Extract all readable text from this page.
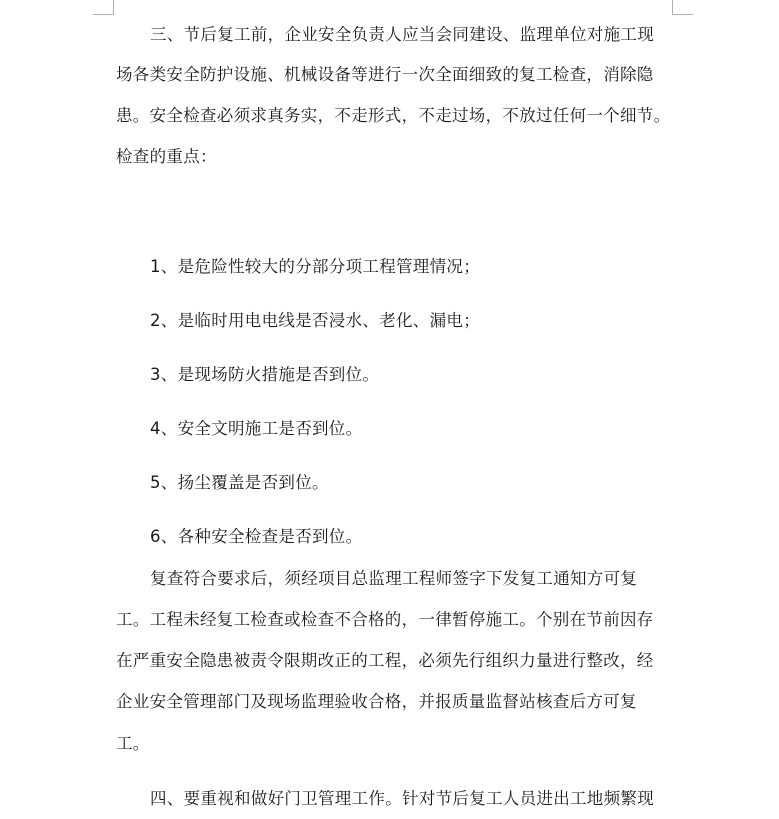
三、节后复工前，企业安全负责人应当会同建设、监理单位对施工现
场各类安全防护设施、机械设备等进行一次全面细致的复工检查，消除隐
患。安全检查必须求真务实，不走形式，不走过场，不放过任何一个细节。
检查的重点：
1、是危险性较大的分部分项工程管理情况；
2、是临时用电电线是否浸水、老化、漏电；
3、是现场防火措施是否到位。
4、安全文明施工是否到位。
5、扬尘覆盖是否到位。
6、各种安全检查是否到位。
复查符合要求后，须经项目总监理工程师签字下发复工通知方可复
工。工程未经复工检查或检查不合格的，一律暂停施工。个别在节前因存
在严重安全隐患被责令限期改正的工程，必须先行组织力量进行整改，经
企业安全管理部门及现场监理验收合格，并报质量监督站核查后方可复
工。
四、要重视和做好门卫管理工作。针对节后复工人员进出工地频繁现
